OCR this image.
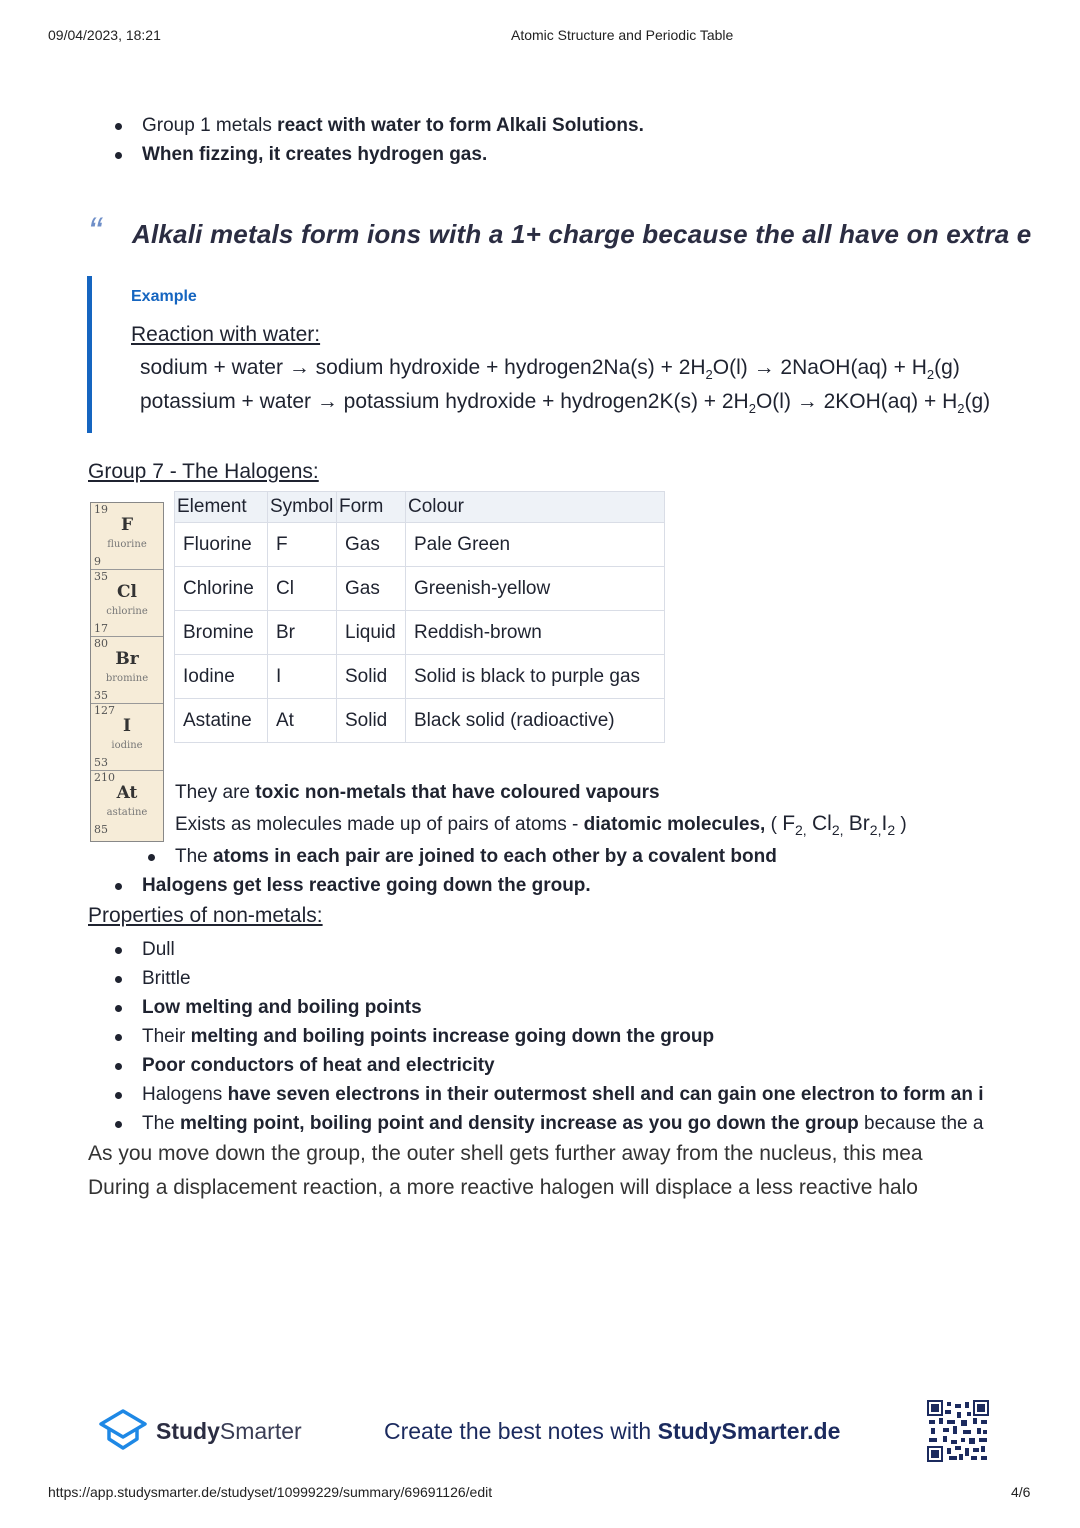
09/04/2023, 18:21	Atomic Structure and Periodic Table
Group 1 metals react with water to form Alkali Solutions.
When fizzing, it creates hydrogen gas.
“ Alkali metals form ions with a 1+ charge because the all have on extra e
Example
Reaction with water:
sodium + water → sodium hydroxide + hydrogen2Na(s) + $2H_2O(l)$ → 2NaOH(aq) + $H_2(g)$
potassium + water → potassium hydroxide + hydrogen2K(s) + $2H_2O(l) \to 2KOH(aq) + H_2(g)$
Group 7 - The Halogens:
19
F
fluorine
9
35
Cl
chlorine
17
80
Br
bromine
35
127
I
iodine
53
210
At
astatine
85
Element	Symbol	Form	Colour
Fluorine	F	Gas	Pale Green
Chlorine	Cl	Gas	Greenish-yellow
Bromine	Br	Liquid	Reddish-brown
Iodine	I	Solid	Solid is black to purple gas
Astatine	At	Solid	Black solid (radioactive)
They are toxic non-metals that have coloured vapours
Exists as molecules made up of pairs of atoms - diatomic molecules, ( $F_{2,}$ $Cl_{2,}$ $Br_{2,}I_2$ )
The atoms in each pair are joined to each other by a covalent bond
Halogens get less reactive going down the group.
Properties of non-metals:
Dull
Brittle
Low melting and boiling points
Their melting and boiling points increase going down the group
Poor conductors of heat and electricity
Halogens have seven electrons in their outermost shell and can gain one electron to form an i
The melting point, boiling point and density increase as you go down the group because the a
As you move down the group, the outer shell gets further away from the nucleus, this mea
During a displacement reaction, a more reactive halogen will displace a less reactive halo
StudySmarter	Create the best notes with StudySmarter.de
https://app.studysmarter.de/studyset/10999229/summary/69691126/edit	4/6
